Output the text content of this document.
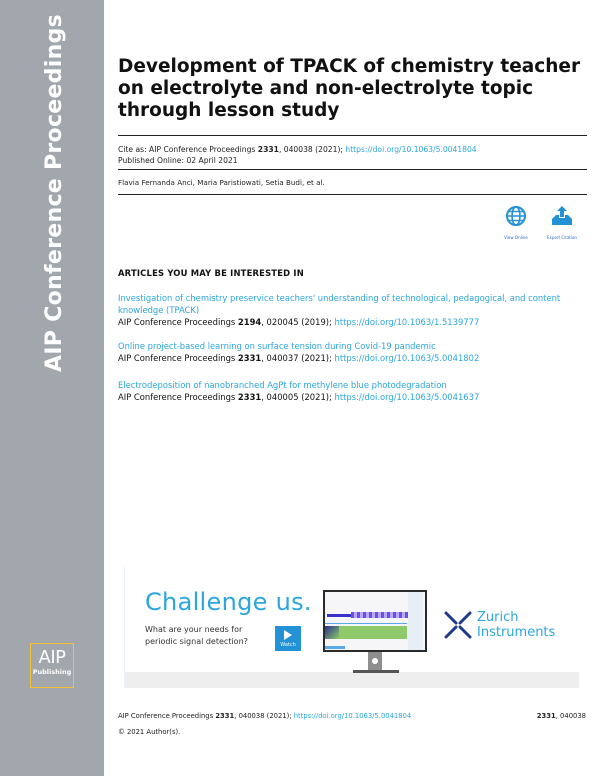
AIP Conference Proceedings
AIP
Publishing
Development of TPACK of chemistry teacher on electrolyte and non-electrolyte topic through lesson study
Cite as: AIP Conference Proceedings 2331, 040038 (2021); https://doi.org/10.1063/5.0041804
Published Online: 02 April 2021
Flavia Fernanda Anci, Maria Paristiowati, Setia Budi, et al.
View Online	Export Citation
ARTICLES YOU MAY BE INTERESTED IN
Investigation of chemistry preservice teachers' understanding of technological, pedagogical, and content knowledge (TPACK)
AIP Conference Proceedings 2194, 020045 (2019); https://doi.org/10.1063/1.5139777
Online project-based learning on surface tension during Covid-19 pandemic
AIP Conference Proceedings 2331, 040037 (2021); https://doi.org/10.1063/5.0041802
Electrodeposition of nanobranched AgPt for methylene blue photodegradation
AIP Conference Proceedings 2331, 040005 (2021); https://doi.org/10.1063/5.0041637
Challenge us.
What are your needs for
periodic signal detection?	Watch
Zurich
Instruments
AIP Conference Proceedings 2331, 040038 (2021); https://doi.org/10.1063/5.0041804	2331, 040038
© 2021 Author(s).
